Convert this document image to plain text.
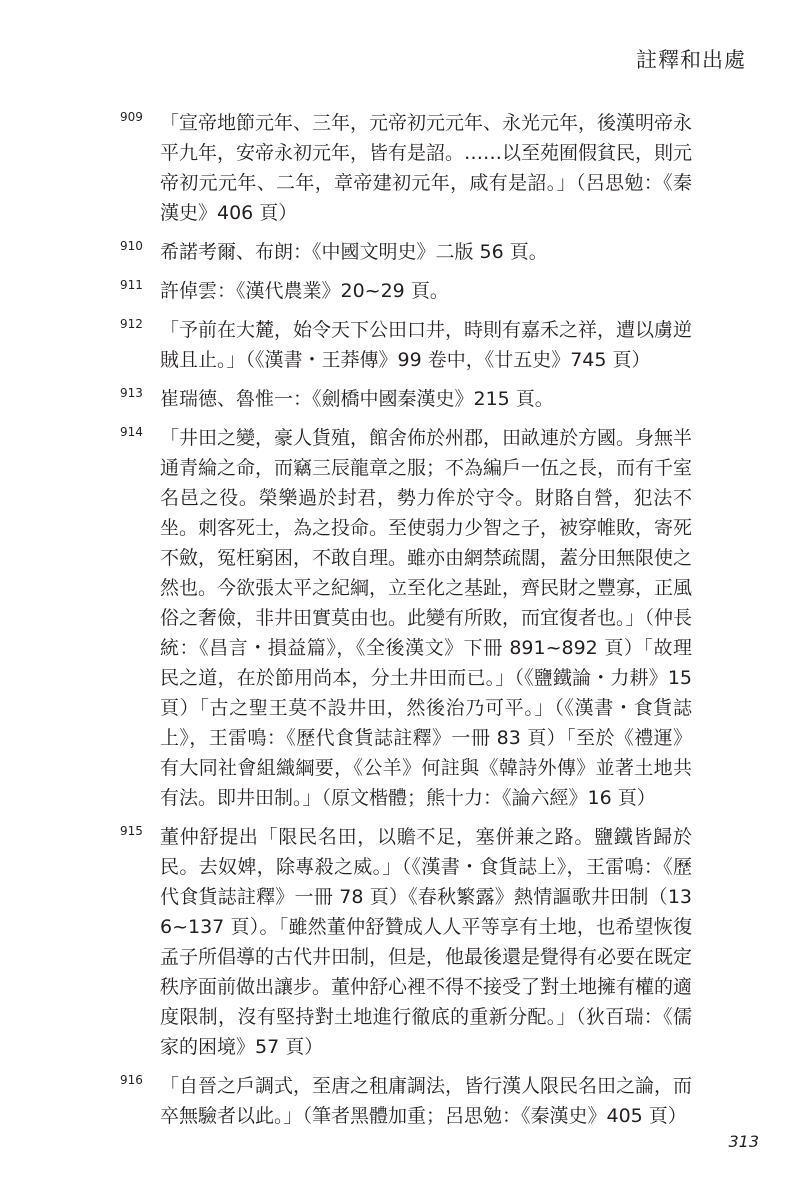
註釋和出處
909 「宣帝地節元年、三年，元帝初元元年、永光元年，後漢明帝永平九年，安帝永初元年，皆有是詔。……以至苑囿假貧民，則元帝初元元年、二年，章帝建初元年，咸有是詔。」（呂思勉：《秦漢史》406 頁）
910 希諾考爾、布朗：《中國文明史》二版 56 頁。
911 許倬雲：《漢代農業》20~29 頁。
912 「予前在大麓，始令天下公田口井，時則有嘉禾之祥，遭以虜逆賊且止。」（《漢書・王莽傳》99 卷中，《廿五史》745 頁）
913 崔瑞德、魯惟一：《劍橋中國秦漢史》215 頁。
914 「井田之變，豪人貨殖，館舍佈於州郡，田畝連於方國。身無半通青綸之命，而竊三辰龍章之服；不為編戶一伍之長，而有千室名邑之役。榮樂過於封君，勢力侔於守令。財賂自營，犯法不坐。刺客死士，為之投命。至使弱力少智之子，被穿帷敗，寄死不斂，冤枉窮困，不敢自理。雖亦由網禁疏闊，蓋分田無限使之然也。今欲張太平之紀綱，立至化之基趾，齊民財之豐寡，正風俗之奢儉，非井田實莫由也。此變有所敗，而宜復者也。」（仲長統：《昌言・損益篇》，《全後漢文》下冊 891~892 頁）「故理民之道，在於節用尚本，分土井田而已。」（《鹽鐵論・力耕》15 頁）「古之聖王莫不設井田，然後治乃可平。」（《漢書・食貨誌上》，王雷鳴：《歷代食貨誌註釋》一冊 83 頁）「至於《禮運》有大同社會組織綱要，《公羊》何註與《韓詩外傳》並著土地共有法。即井田制。」（原文楷體；熊十力：《論六經》16 頁）
915 董仲舒提出「限民名田，以贍不足，塞併兼之路。鹽鐵皆歸於民。去奴婢，除專殺之威。」（《漢書・食貨誌上》，王雷鳴：《歷代食貨誌註釋》一冊 78 頁）《春秋繁露》熱情謳歌井田制（136~137 頁）。「雖然董仲舒贊成人人平等享有土地，也希望恢復孟子所倡導的古代井田制，但是，他最後還是覺得有必要在既定秩序面前做出讓步。董仲舒心裡不得不接受了對土地擁有權的適度限制，沒有堅持對土地進行徹底的重新分配。」（狄百瑞：《儒家的困境》57 頁）
916 「自晉之戶調式，至唐之租庸調法，皆行漢人限民名田之論，而卒無驗者以此。」（筆者黑體加重；呂思勉：《秦漢史》405 頁）
313
